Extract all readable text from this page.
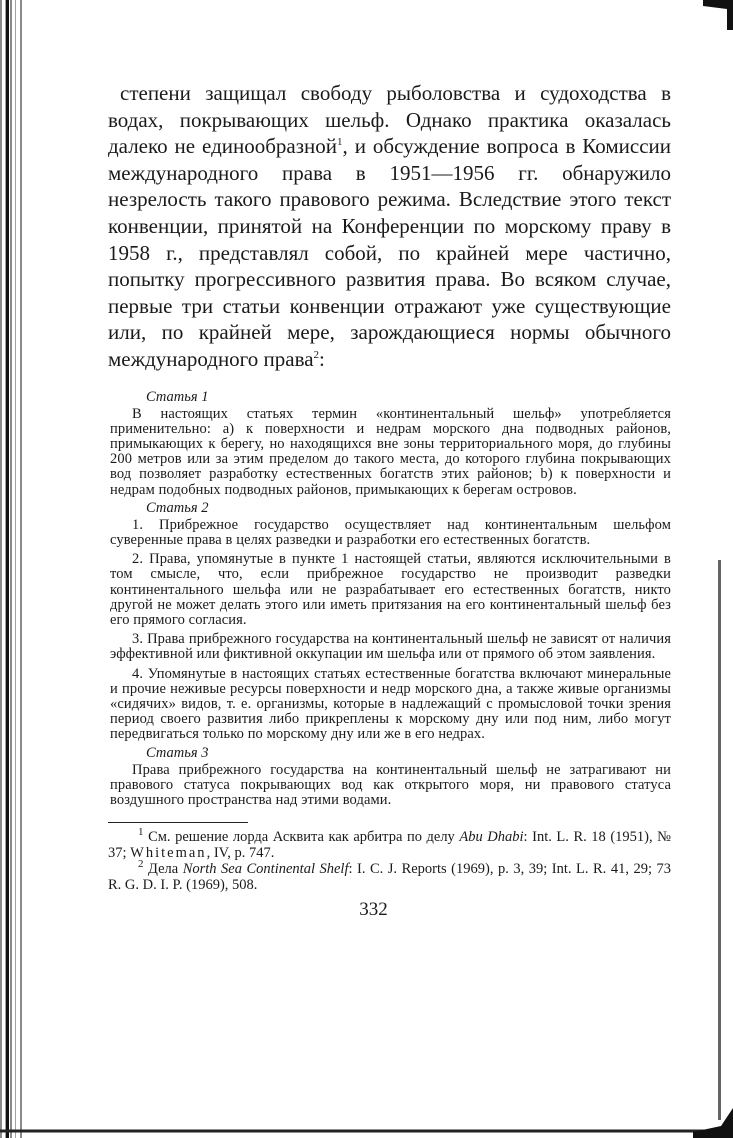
степени защищал свободу рыболовства и судоходства в водах, покрывающих шельф. Однако практика оказалась далеко не единообразной$^1$, и обсуждение вопроса в Комиссии международного права в 1951—1956 гг. обнаружило незрелость такого правового режима. Вследствие этого текст конвенции, принятой на Конференции по морскому праву в 1958 г., представлял собой, по крайней мере частично, попытку прогрессивного развития права. Во всяком случае, первые три статьи конвенции отражают уже существующие или, по крайней мере, зарождающиеся нормы обычного международного права$^2$:

Статья 1

В настоящих статьях термин «континентальный шельф» употребляется применительно: а) к поверхности и недрам морского дна подводных районов, примыкающих к берегу, но находящихся вне зоны территориального моря, до глубины 200 метров или за этим пределом до такого места, до которого глубина покрывающих вод позволяет разработку естественных богатств этих районов; b) к поверхности и недрам подобных подводных районов, примыкающих к берегам островов.

Статья 2

1. Прибрежное государство осуществляет над континентальным шельфом суверенные права в целях разведки и разработки его естественных богатств.

2. Права, упомянутые в пункте 1 настоящей статьи, являются исключительными в том смысле, что, если прибрежное государство не производит разведки континентального шельфа или не разрабатывает его естественных богатств, никто другой не может делать этого или иметь притязания на его континентальный шельф без его прямого согласия.

3. Права прибрежного государства на континентальный шельф не зависят от наличия эффективной или фиктивной оккупации им шельфа или от прямого об этом заявления.

4. Упомянутые в настоящих статьях естественные богатства включают минеральные и прочие неживые ресурсы поверхности и недр морского дна, а также живые организмы «сидячих» видов, т. е. организмы, которые в надлежащий с промысловой точки зрения период своего развития либо прикреплены к морскому дну или под ним, либо могут передвигаться только по морскому дну или же в его недрах.

Статья 3

Права прибрежного государства на континентальный шельф не затрагивают ни правового статуса покрывающих вод как открытого моря, ни правового статуса воздушного пространства над этими водами.

$^1$ См. решение лорда Асквита как арбитра по делу Abu Dhabi: Int. L. R. 18 (1951), № 37; Whiteman, IV, p. 747.

$^2$ Дела North Sea Continental Shelf: I. C. J. Reports (1969), p. 3, 39; Int. L. R. 41, 29; 73 R. G. D. I. P. (1969), 508.

332
